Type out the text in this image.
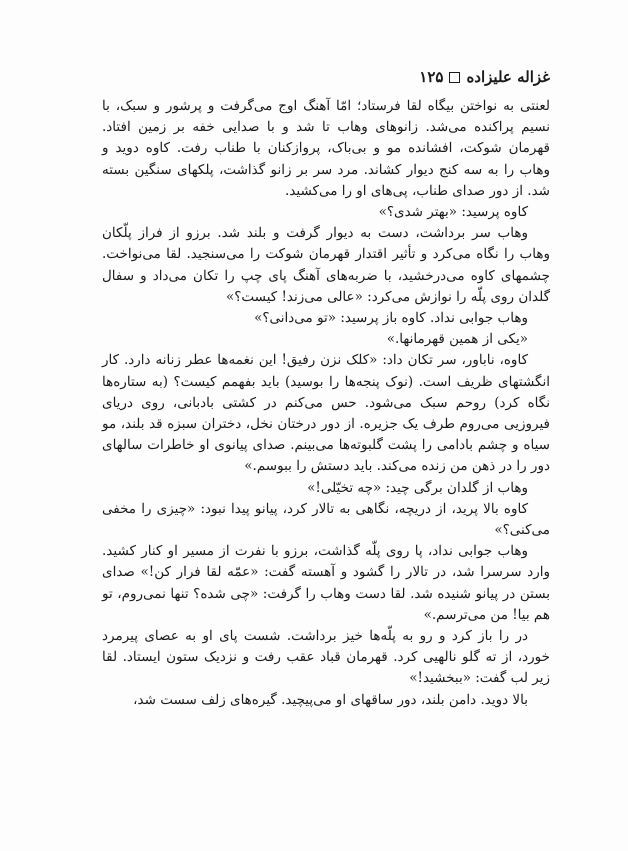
غزاله علیزاده
۱۲۵

لعنتی به نواختن بیگاه لقا فرستاد؛ امّا آهنگ اوج می‌گرفت و پرشور و سبک، با نسیم پراکنده می‌شد. زانوهای وهاب تا شد و با صدایی خفه بر زمین افتاد. قهرمان شوکت، افشانده مو و بی‌باک، پروازکنان با طناب رفت. کاوه دوید و وهاب را به سه کنج دیوار کشاند. مرد سر بر زانو گذاشت، پلکهای سنگین بسته شد. از دور صدای طناب، پی‌های او را می‌کشید.

کاوه پرسید: «بهتر شدی؟»

وهاب سر برداشت، دست به دیوار گرفت و بلند شد. برزو از فراز پلّکان وهاب را نگاه می‌کرد و تأثیر اقتدار قهرمان شوکت را می‌سنجید. لقا می‌نواخت. چشمهای کاوه می‌درخشید، با ضربه‌های آهنگ پای چپ را تکان می‌داد و سفال گلدان روی پلّه را نوازش می‌کرد: «عالی می‌زند! کیست؟»

وهاب جوابی نداد. کاوه باز پرسید: «تو می‌دانی؟»

«یکی از همین قهرمانها.»

کاوه، ناباور، سر تکان داد: «کلک نزن رفیق! این نغمه‌ها عطر زنانه دارد. کار انگشتهای ظریف است. (نوک پنجه‌ها را بوسید) باید بفهمم کیست؟ (به ستاره‌ها نگاه کرد) روحم سبک می‌شود. حس می‌کنم در کشتی بادبانی، روی دریای فیروزیی می‌روم طرف یک جزیره. از دور درختان نخل، دختران سبزه قد بلند، مو سیاه و چشم بادامی را پشت گلبوته‌ها می‌بینم. صدای پیانوی او خاطرات سالهای دور را در ذهن من زنده می‌کند. باید دستش را ببوسم.»

وهاب از گلدان برگی چید: «چه تخیّلی!»

کاوه بالا پرید، از دریچه، نگاهی به تالار کرد، پیانو پیدا نبود: «چیزی را مخفی می‌کنی؟»

وهاب جوابی نداد، پا روی پلّه گذاشت، برزو با نفرت از مسیر او کنار کشید. وارد سرسرا شد، در تالار را گشود و آهسته گفت: «عمّه لقا فرار کن!» صدای بستن در پیانو شنیده شد. لقا دست وهاب را گرفت: «چی شده؟ تنها نمی‌روم، تو هم بیا! من می‌ترسم.»

در را باز کرد و رو به پلّه‌ها خیز برداشت. شست پای او به عصای پیرمرد خورد، از ته گلو نالهیی کرد. قهرمان قباد عقب رفت و نزدیک ستون ایستاد. لقا زیر لب گفت: «ببخشید!»

بالا دوید. دامن بلند، دور ساقهای او می‌پیچید. گیره‌های زلف سست شد،
